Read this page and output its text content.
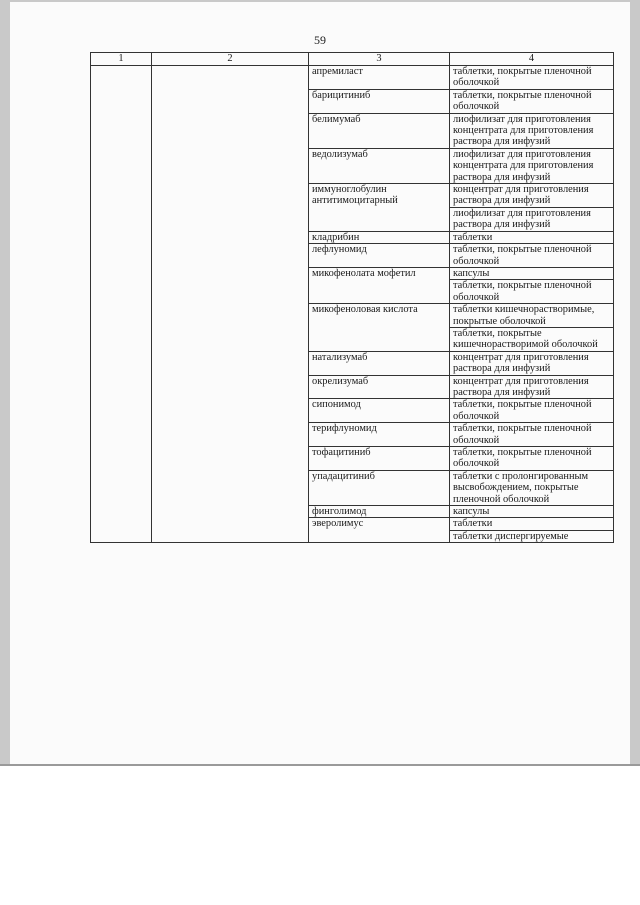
59
1	2	3	4
		апремиласт	таблетки, покрытые пленочной оболочкой
		барицитиниб	таблетки, покрытые пленочной оболочкой
		белимумаб	лиофилизат для приготовления концентрата для приготовления раствора для инфузий
		ведолизумаб	лиофилизат для приготовления концентрата для приготовления раствора для инфузий
		иммуноглобулин антитимоцитарный	концентрат для приготовления раствора для инфузий
			лиофилизат для приготовления раствора для инфузий
		кладрибин	таблетки
		лефлуномид	таблетки, покрытые пленочной оболочкой
		микофенолата мофетил	капсулы
			таблетки, покрытые пленочной оболочкой
		микофеноловая кислота	таблетки кишечнорастворимые, покрытые оболочкой
			таблетки, покрытые кишечнорастворимой оболочкой
		натализумаб	концентрат для приготовления раствора для инфузий
		окрелизумаб	концентрат для приготовления раствора для инфузий
		сипонимод	таблетки, покрытые пленочной оболочкой
		терифлуномид	таблетки, покрытые пленочной оболочкой
		тофацитиниб	таблетки, покрытые пленочной оболочкой
		упадацитиниб	таблетки с пролонгированным высвобождением, покрытые пленочной оболочкой
		финголимод	капсулы
		эверолимус	таблетки
			таблетки диспергируемые
